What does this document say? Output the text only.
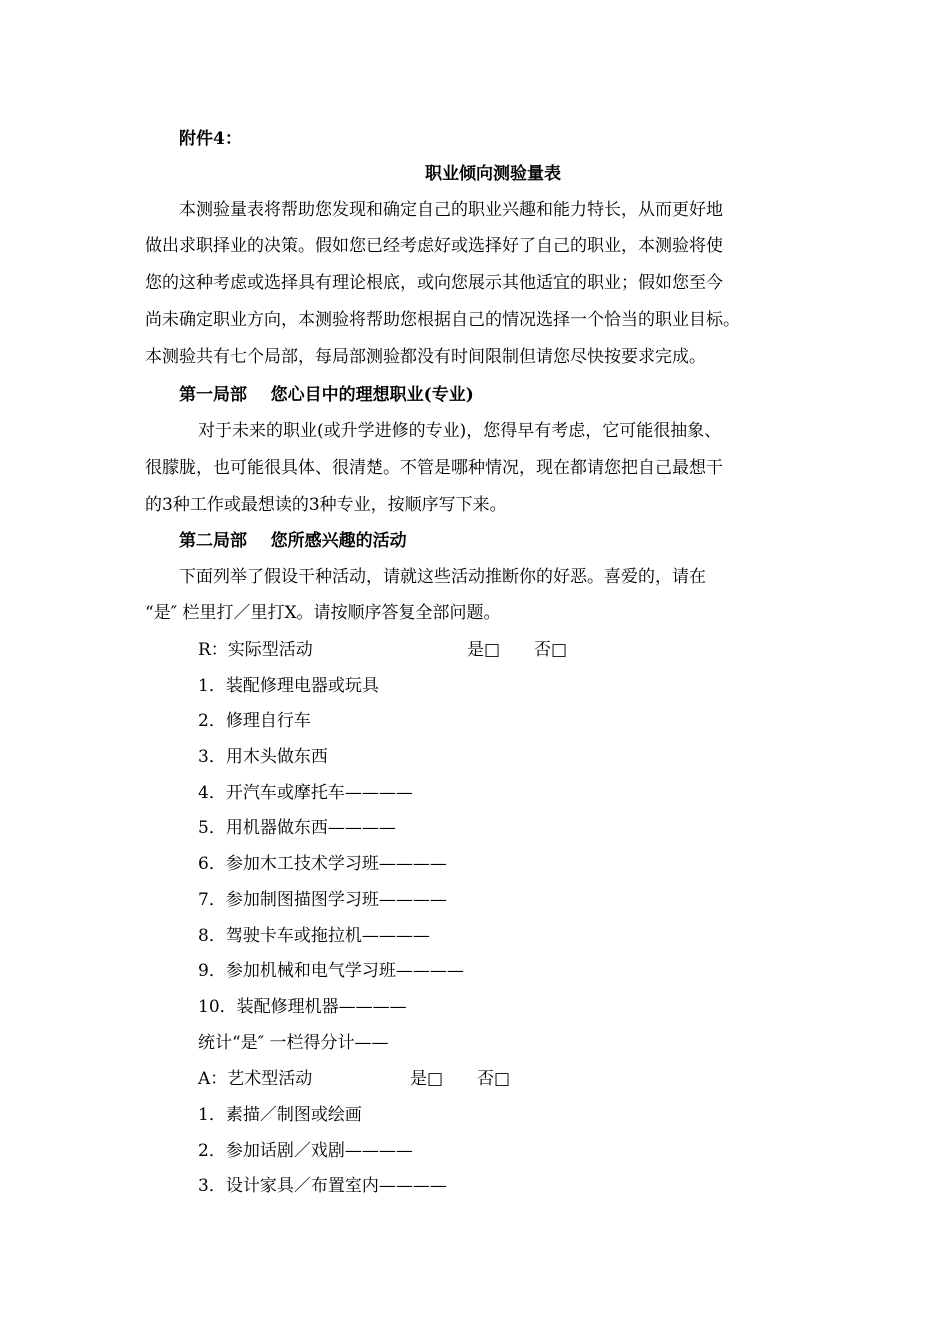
附件4：
职业倾向测验量表
本测验量表将帮助您发现和确定自己的职业兴趣和能力特长，从而更好地
做出求职择业的决策。假如您已经考虑好或选择好了自己的职业，本测验将使
您的这种考虑或选择具有理论根底，或向您展示其他适宜的职业；假如您至今
尚未确定职业方向，本测验将帮助您根据自己的情况选择一个恰当的职业目标。
本测验共有七个局部，每局部测验都没有时间限制但请您尽快按要求完成。
第一局部    您心目中的理想职业(专业)
对于未来的职业(或升学进修的专业)，您得早有考虑，它可能很抽象、
很朦胧，也可能很具体、很清楚。不管是哪种情况，现在都请您把自己最想干
的3种工作或最想读的3种专业，按顺序写下来。
第二局部    您所感兴趣的活动
下面列举了假设干种活动，请就这些活动推断你的好恶。喜爱的，请在
“是″ 栏里打／里打X。请按顺序答复全部问题。
R：实际型活动	是□ 否□
1．装配修理电器或玩具
2．修理自行车
3．用木头做东西
4．开汽车或摩托车————
5．用机器做东西————
6．参加木工技术学习班————
7．参加制图描图学习班————
8．驾驶卡车或拖拉机————
9．参加机械和电气学习班————
10．装配修理机器————
统计“是″ 一栏得分计——
A：艺术型活动	是□ 否□
1．素描／制图或绘画
2．参加话剧／戏剧————
3．设计家具／布置室内————
